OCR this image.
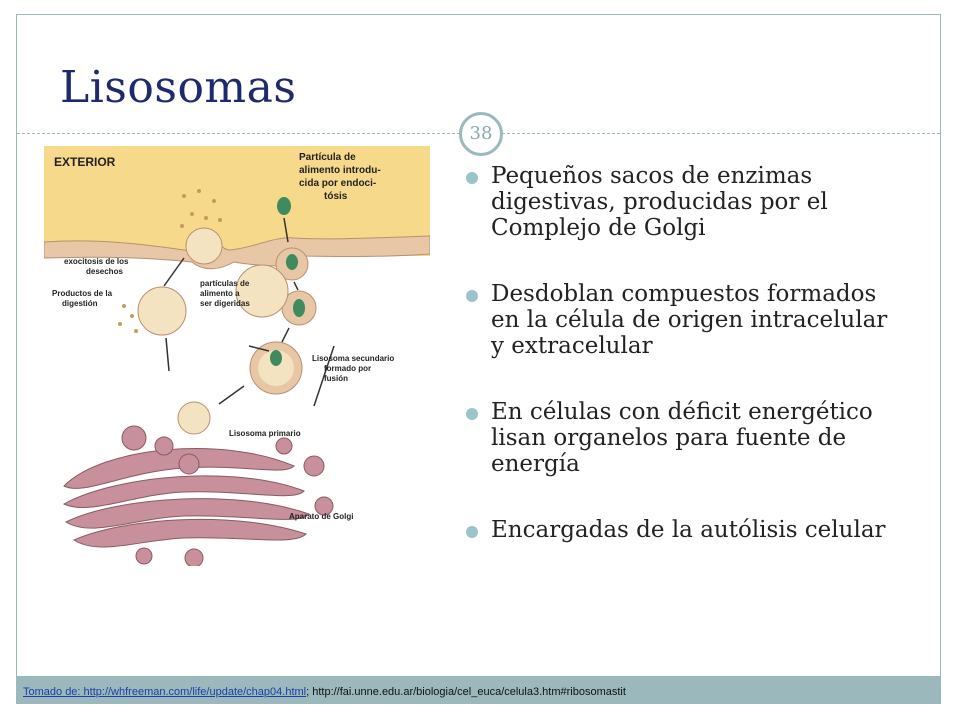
Lisosomas
38
EXTERIOR	Partícula de
alimento introdu-
cida por endoci-
tósis
exocitosis de los
desechos
Productos de la
digestión
partículas de
alimento a
ser digeridas
Lisosoma secundario
formado por
fusión
Lisosoma primario
Aparato de Golgi
Pequeños sacos de enzimas digestivas, producidas por el Complejo de Golgi
Desdoblan compuestos formados en la célula de origen intracelular y extracelular
En células con déficit energético lisan organelos para fuente de energía
Encargadas de la autólisis celular
Tomado de: http://whfreeman.com/life/update/chap04.html; http://fai.unne.edu.ar/biologia/cel_euca/celula3.htm#ribosomastit
